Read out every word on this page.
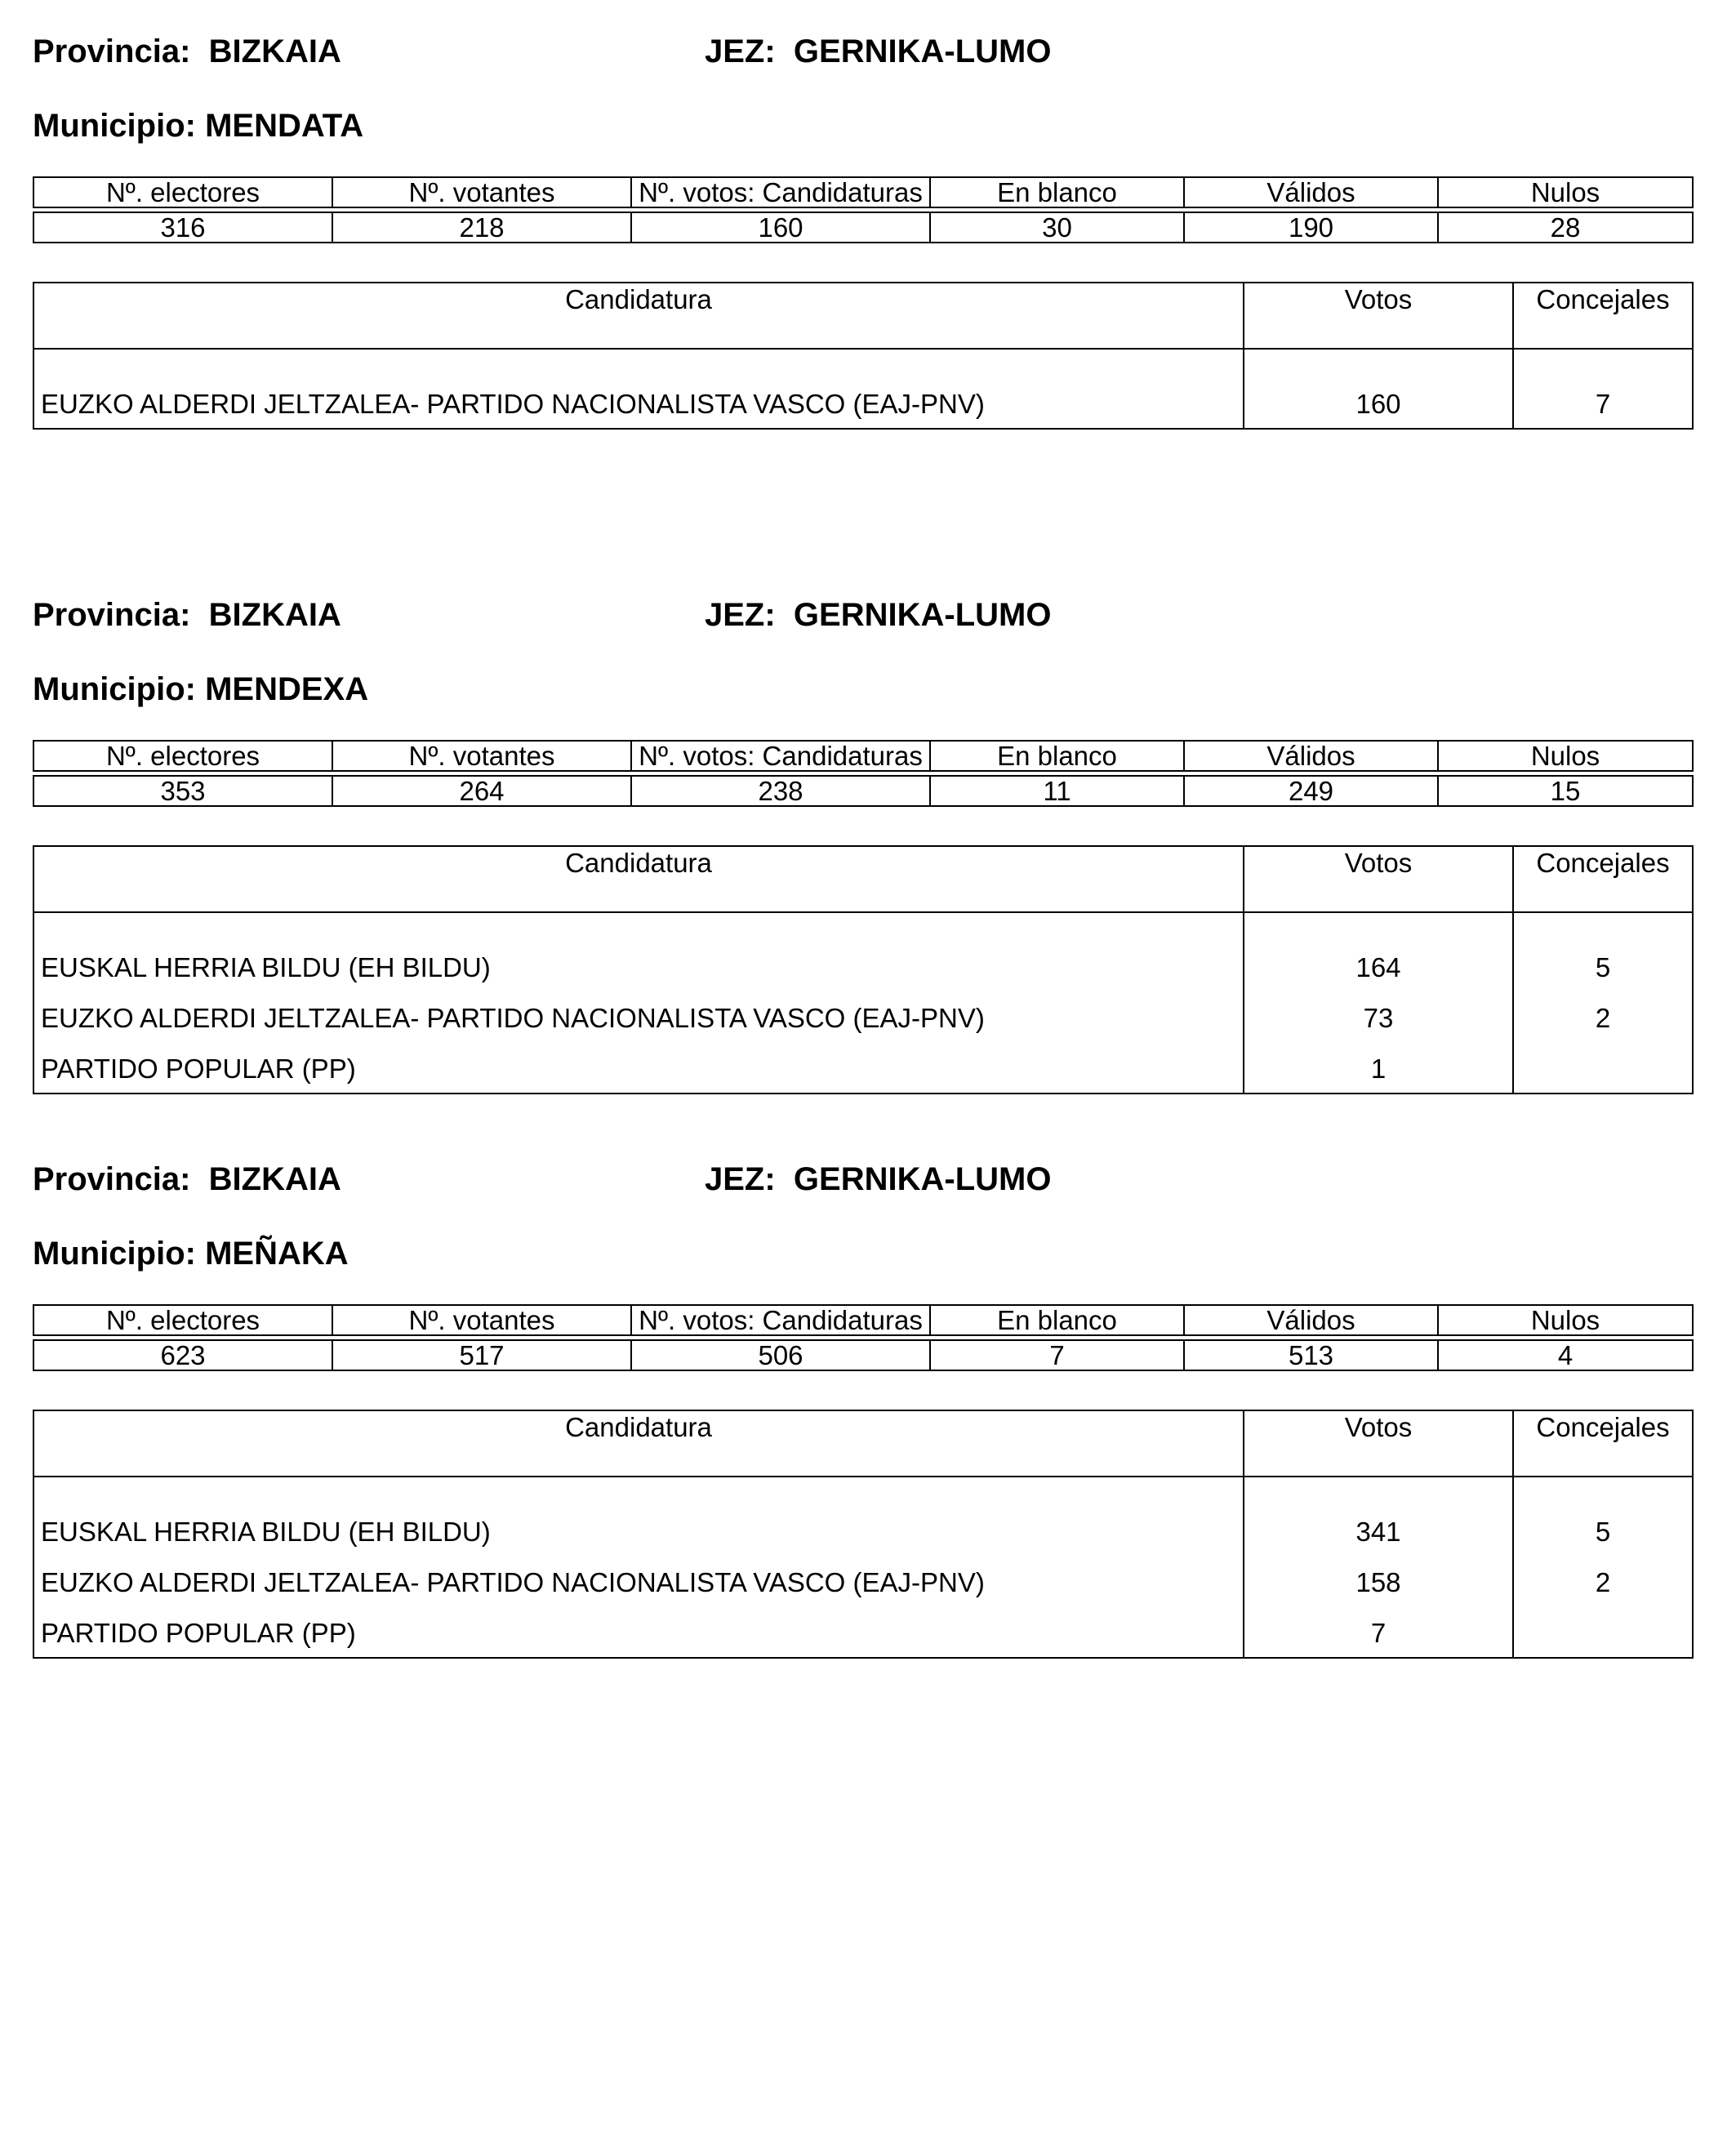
Provincia: BIZKAIA	JEZ: GERNIKA-LUMO
Municipio: MENDATA
Nº. electores	Nº. votantes	Nº. votos: Candidaturas	En blanco	Válidos	Nulos

316	218	160	30	190	28
Candidatura	Votos	Concejales
EUZKO ALDERDI JELTZALEA- PARTIDO NACIONALISTA VASCO (EAJ-PNV)	160	7
Provincia: BIZKAIA	JEZ: GERNIKA-LUMO
Municipio: MENDEXA
Nº. electores	Nº. votantes	Nº. votos: Candidaturas	En blanco	Válidos	Nulos

353	264	238	11	249	15
Candidatura	Votos	Concejales
EUSKAL HERRIA BILDU (EH BILDU)	164	5
EUZKO ALDERDI JELTZALEA- PARTIDO NACIONALISTA VASCO (EAJ-PNV)	73	2
PARTIDO POPULAR (PP)	1	
Provincia: BIZKAIA	JEZ: GERNIKA-LUMO
Municipio: MEÑAKA
Nº. electores	Nº. votantes	Nº. votos: Candidaturas	En blanco	Válidos	Nulos

623	517	506	7	513	4
Candidatura	Votos	Concejales
EUSKAL HERRIA BILDU (EH BILDU)	341	5
EUZKO ALDERDI JELTZALEA- PARTIDO NACIONALISTA VASCO (EAJ-PNV)	158	2
PARTIDO POPULAR (PP)	7	
